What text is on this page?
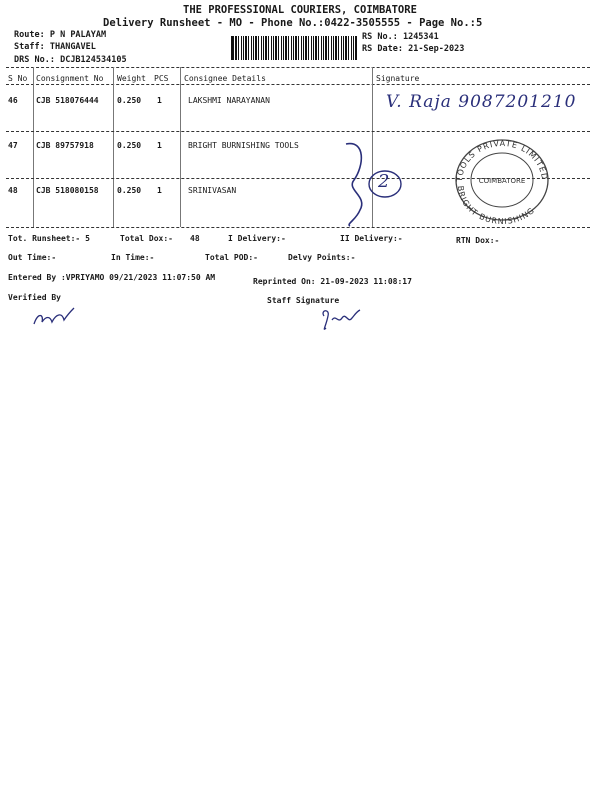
THE PROFESSIONAL COURIERS, COIMBATORE
Delivery Runsheet - MO - Phone No.:0422-3505555 - Page No.:5
Route: P N PALAYAM
Staff: THANGAVEL
DRS No.: DCJB124534105
RS No.: 1245341
RS Date: 21-Sep-2023
S No Consignment No Weight PCS Consignee Details	Signature
46 CJB 518076444 0.250 1	LAKSHMI NARAYANAN	V. Raja 9087201210
47 CJB 89757918	0.250 1	BRIGHT BURNISHING TOOLS
48 CJB 518080158 0.250 1	SRINIVASAN	2	TOOLS PRIVATE LIMITED
BRIGHT BURNISHING
COIMBATORE
Tot. Runsheet:- 5	Total Dox:- 48	I Delivery:-	II Delivery:-	RTN Dox:-
Out Time:-	In Time:-	Total POD:-	Delvy Points:-
Entered By :VPRIYAMO 09/21/2023 11:07:50 AM	Reprinted On: 21-09-2023 11:08:17
Verified By	Staff Signature
